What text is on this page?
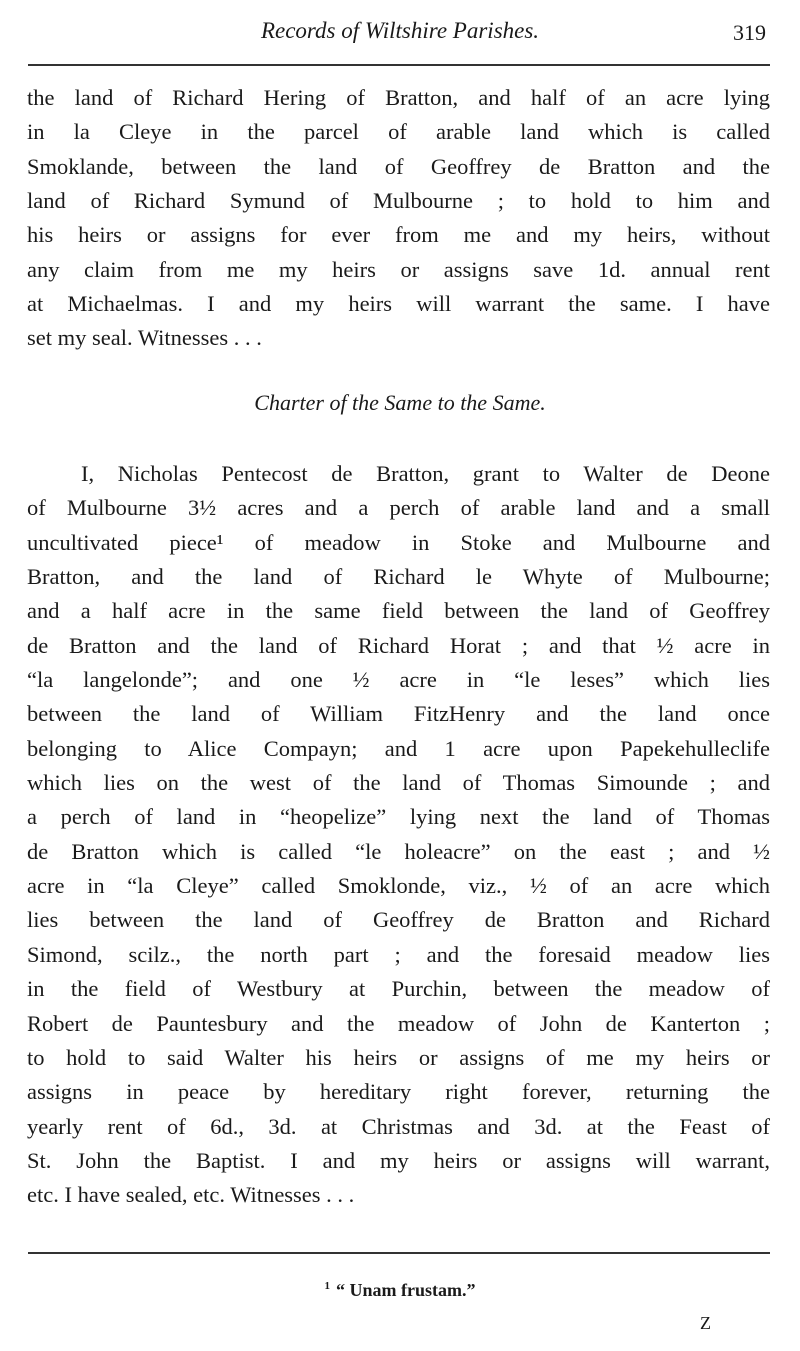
Records of Wiltshire Parishes.	319
the land of Richard Hering of Bratton, and half of an acre lying
in la Cleye in the parcel of arable land which is called
Smoklande, between the land of Geoffrey de Bratton and the
land of Richard Symund of Mulbourne ; to hold to him and
his heirs or assigns for ever from me and my heirs, without
any claim from me my heirs or assigns save 1d. annual rent
at Michaelmas. I and my heirs will warrant the same. I have
set my seal. Witnesses . . .
Charter of the Same to the Same.
I, Nicholas Pentecost de Bratton, grant to Walter de Deone
of Mulbourne 3½ acres and a perch of arable land and a small
uncultivated piece¹ of meadow in Stoke and Mulbourne and
Bratton, and the land of Richard le Whyte of Mulbourne;
and a half acre in the same field between the land of Geoffrey
de Bratton and the land of Richard Horat ; and that ½ acre in
“la langelonde”; and one ½ acre in “le leses” which lies
between the land of William FitzHenry and the land once
belonging to Alice Compayn; and 1 acre upon Papekehulleclife
which lies on the west of the land of Thomas Simounde ; and
a perch of land in “heopelize” lying next the land of Thomas
de Bratton which is called “le holeacre” on the east ; and ½
acre in “la Cleye” called Smoklonde, viz., ½ of an acre which
lies between the land of Geoffrey de Bratton and Richard
Simond, scilz., the north part ; and the foresaid meadow lies
in the field of Westbury at Purchin, between the meadow of
Robert de Pauntesbury and the meadow of John de Kanterton ;
to hold to said Walter his heirs or assigns of me my heirs or
assigns in peace by hereditary right forever, returning the
yearly rent of 6d., 3d. at Christmas and 3d. at the Feast of
St. John the Baptist. I and my heirs or assigns will warrant,
etc. I have sealed, etc. Witnesses . . .
$^1$ “ Unam frustam.”
Z
